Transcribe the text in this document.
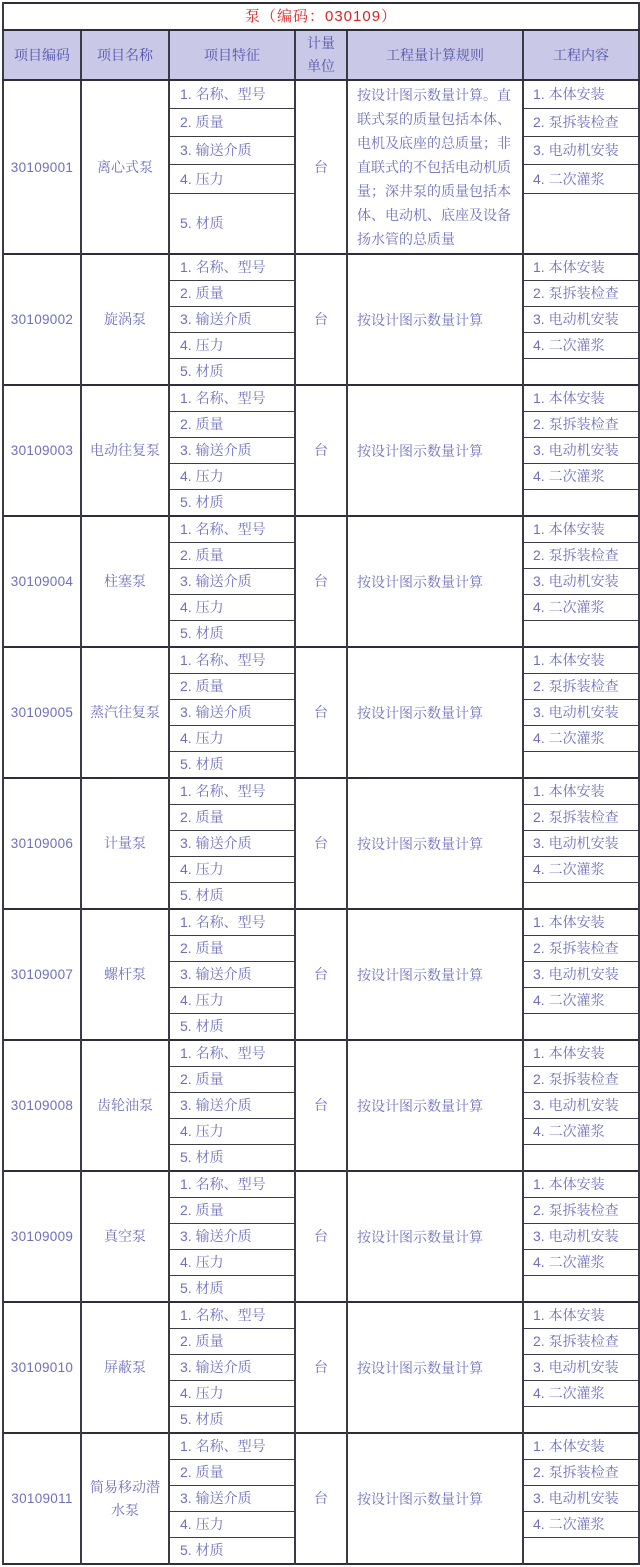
泵（编码：030109）					
项目编码	项目名称	项目特征	计量单位	工程量计算规则	工程内容
30109001	离心式泵	1. 名称、型号	台	按设计图示数量计算。直联式泵的质量包括本体、电机及底座的总质量；非直联式的不包括电动机质量；深井泵的质量包括本体、电动机、底座及设备扬水管的总质量	1. 本体安装
		2. 质量			2. 泵拆装检查
		3. 输送介质			3. 电动机安装
		4. 压力			4. 二次灌浆
		5. 材质			
30109002	旋涡泵	1. 名称、型号	台	按设计图示数量计算	1. 本体安装
		2. 质量			2. 泵拆装检查
		3. 输送介质			3. 电动机安装
		4. 压力			4. 二次灌浆
		5. 材质			
30109003	电动往复泵	1. 名称、型号	台	按设计图示数量计算	1. 本体安装
		2. 质量			2. 泵拆装检查
		3. 输送介质			3. 电动机安装
		4. 压力			4. 二次灌浆
		5. 材质			
30109004	柱塞泵	1. 名称、型号	台	按设计图示数量计算	1. 本体安装
		2. 质量			2. 泵拆装检查
		3. 输送介质			3. 电动机安装
		4. 压力			4. 二次灌浆
		5. 材质			
30109005	蒸汽往复泵	1. 名称、型号	台	按设计图示数量计算	1. 本体安装
		2. 质量			2. 泵拆装检查
		3. 输送介质			3. 电动机安装
		4. 压力			4. 二次灌浆
		5. 材质			
30109006	计量泵	1. 名称、型号	台	按设计图示数量计算	1. 本体安装
		2. 质量			2. 泵拆装检查
		3. 输送介质			3. 电动机安装
		4. 压力			4. 二次灌浆
		5. 材质			
30109007	螺杆泵	1. 名称、型号	台	按设计图示数量计算	1. 本体安装
		2. 质量			2. 泵拆装检查
		3. 输送介质			3. 电动机安装
		4. 压力			4. 二次灌浆
		5. 材质			
30109008	齿轮油泵	1. 名称、型号	台	按设计图示数量计算	1. 本体安装
		2. 质量			2. 泵拆装检查
		3. 输送介质			3. 电动机安装
		4. 压力			4. 二次灌浆
		5. 材质			
30109009	真空泵	1. 名称、型号	台	按设计图示数量计算	1. 本体安装
		2. 质量			2. 泵拆装检查
		3. 输送介质			3. 电动机安装
		4. 压力			4. 二次灌浆
		5. 材质			
30109010	屏蔽泵	1. 名称、型号	台	按设计图示数量计算	1. 本体安装
		2. 质量			2. 泵拆装检查
		3. 输送介质			3. 电动机安装
		4. 压力			4. 二次灌浆
		5. 材质			
30109011	简易移动潜水泵	1. 名称、型号	台	按设计图示数量计算	1. 本体安装
		2. 质量			2. 泵拆装检查
		3. 输送介质			3. 电动机安装
		4. 压力			4. 二次灌浆
		5. 材质			
